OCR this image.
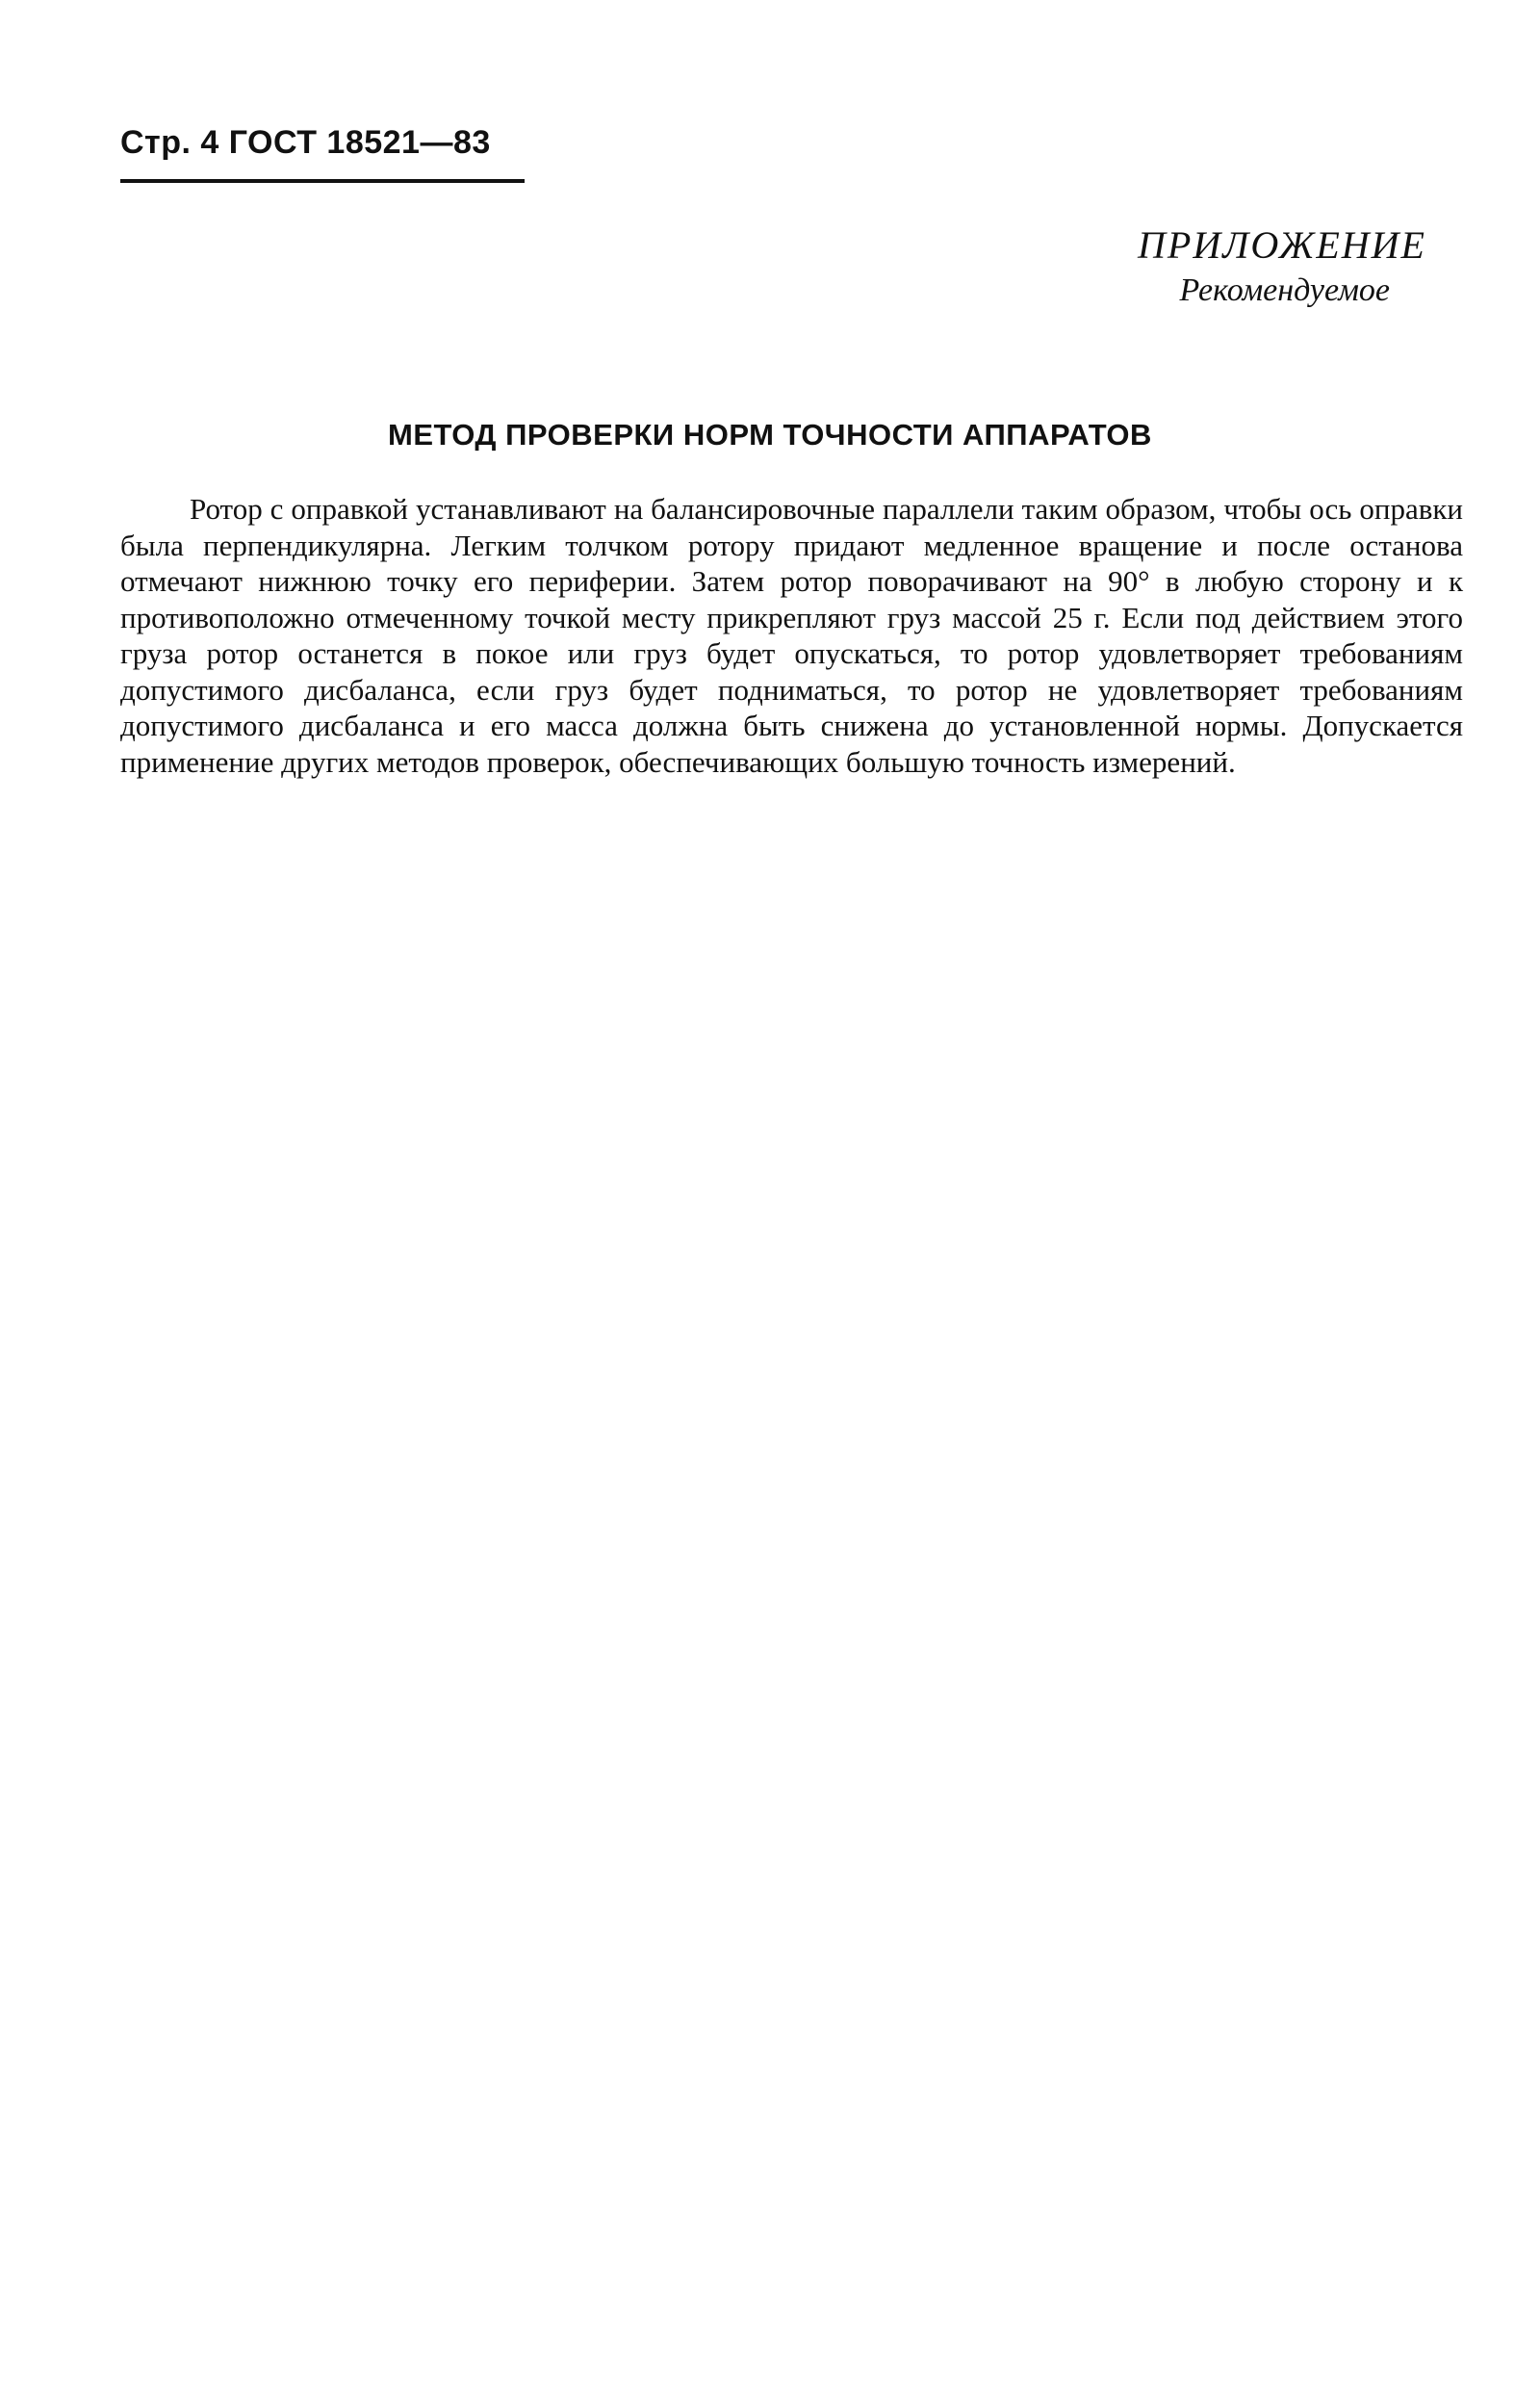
Стр. 4 ГОСТ 18521—83
ПРИЛОЖЕНИЕ
Рекомендуемое
МЕТОД ПРОВЕРКИ НОРМ ТОЧНОСТИ АППАРАТОВ

Ротор с оправкой устанавливают на балансировочные параллели таким образом, чтобы ось оправки была перпендикулярна. Легким толчком ротору придают медленное вращение и после останова отмечают нижнюю точку его периферии. Затем ротор поворачивают на 90° в любую сторону и к противоположно отмеченному точкой месту прикрепляют груз массой 25 г. Если под действием этого груза ротор останется в покое или груз будет опускаться, то ротор удовлетворяет требованиям допустимого дисбаланса, если груз будет подниматься, то ротор не удовлетворяет требованиям допустимого дисбаланса и его масса должна быть снижена до установленной нормы. Допускается применение других методов проверок, обеспечивающих большую точность измерений.
